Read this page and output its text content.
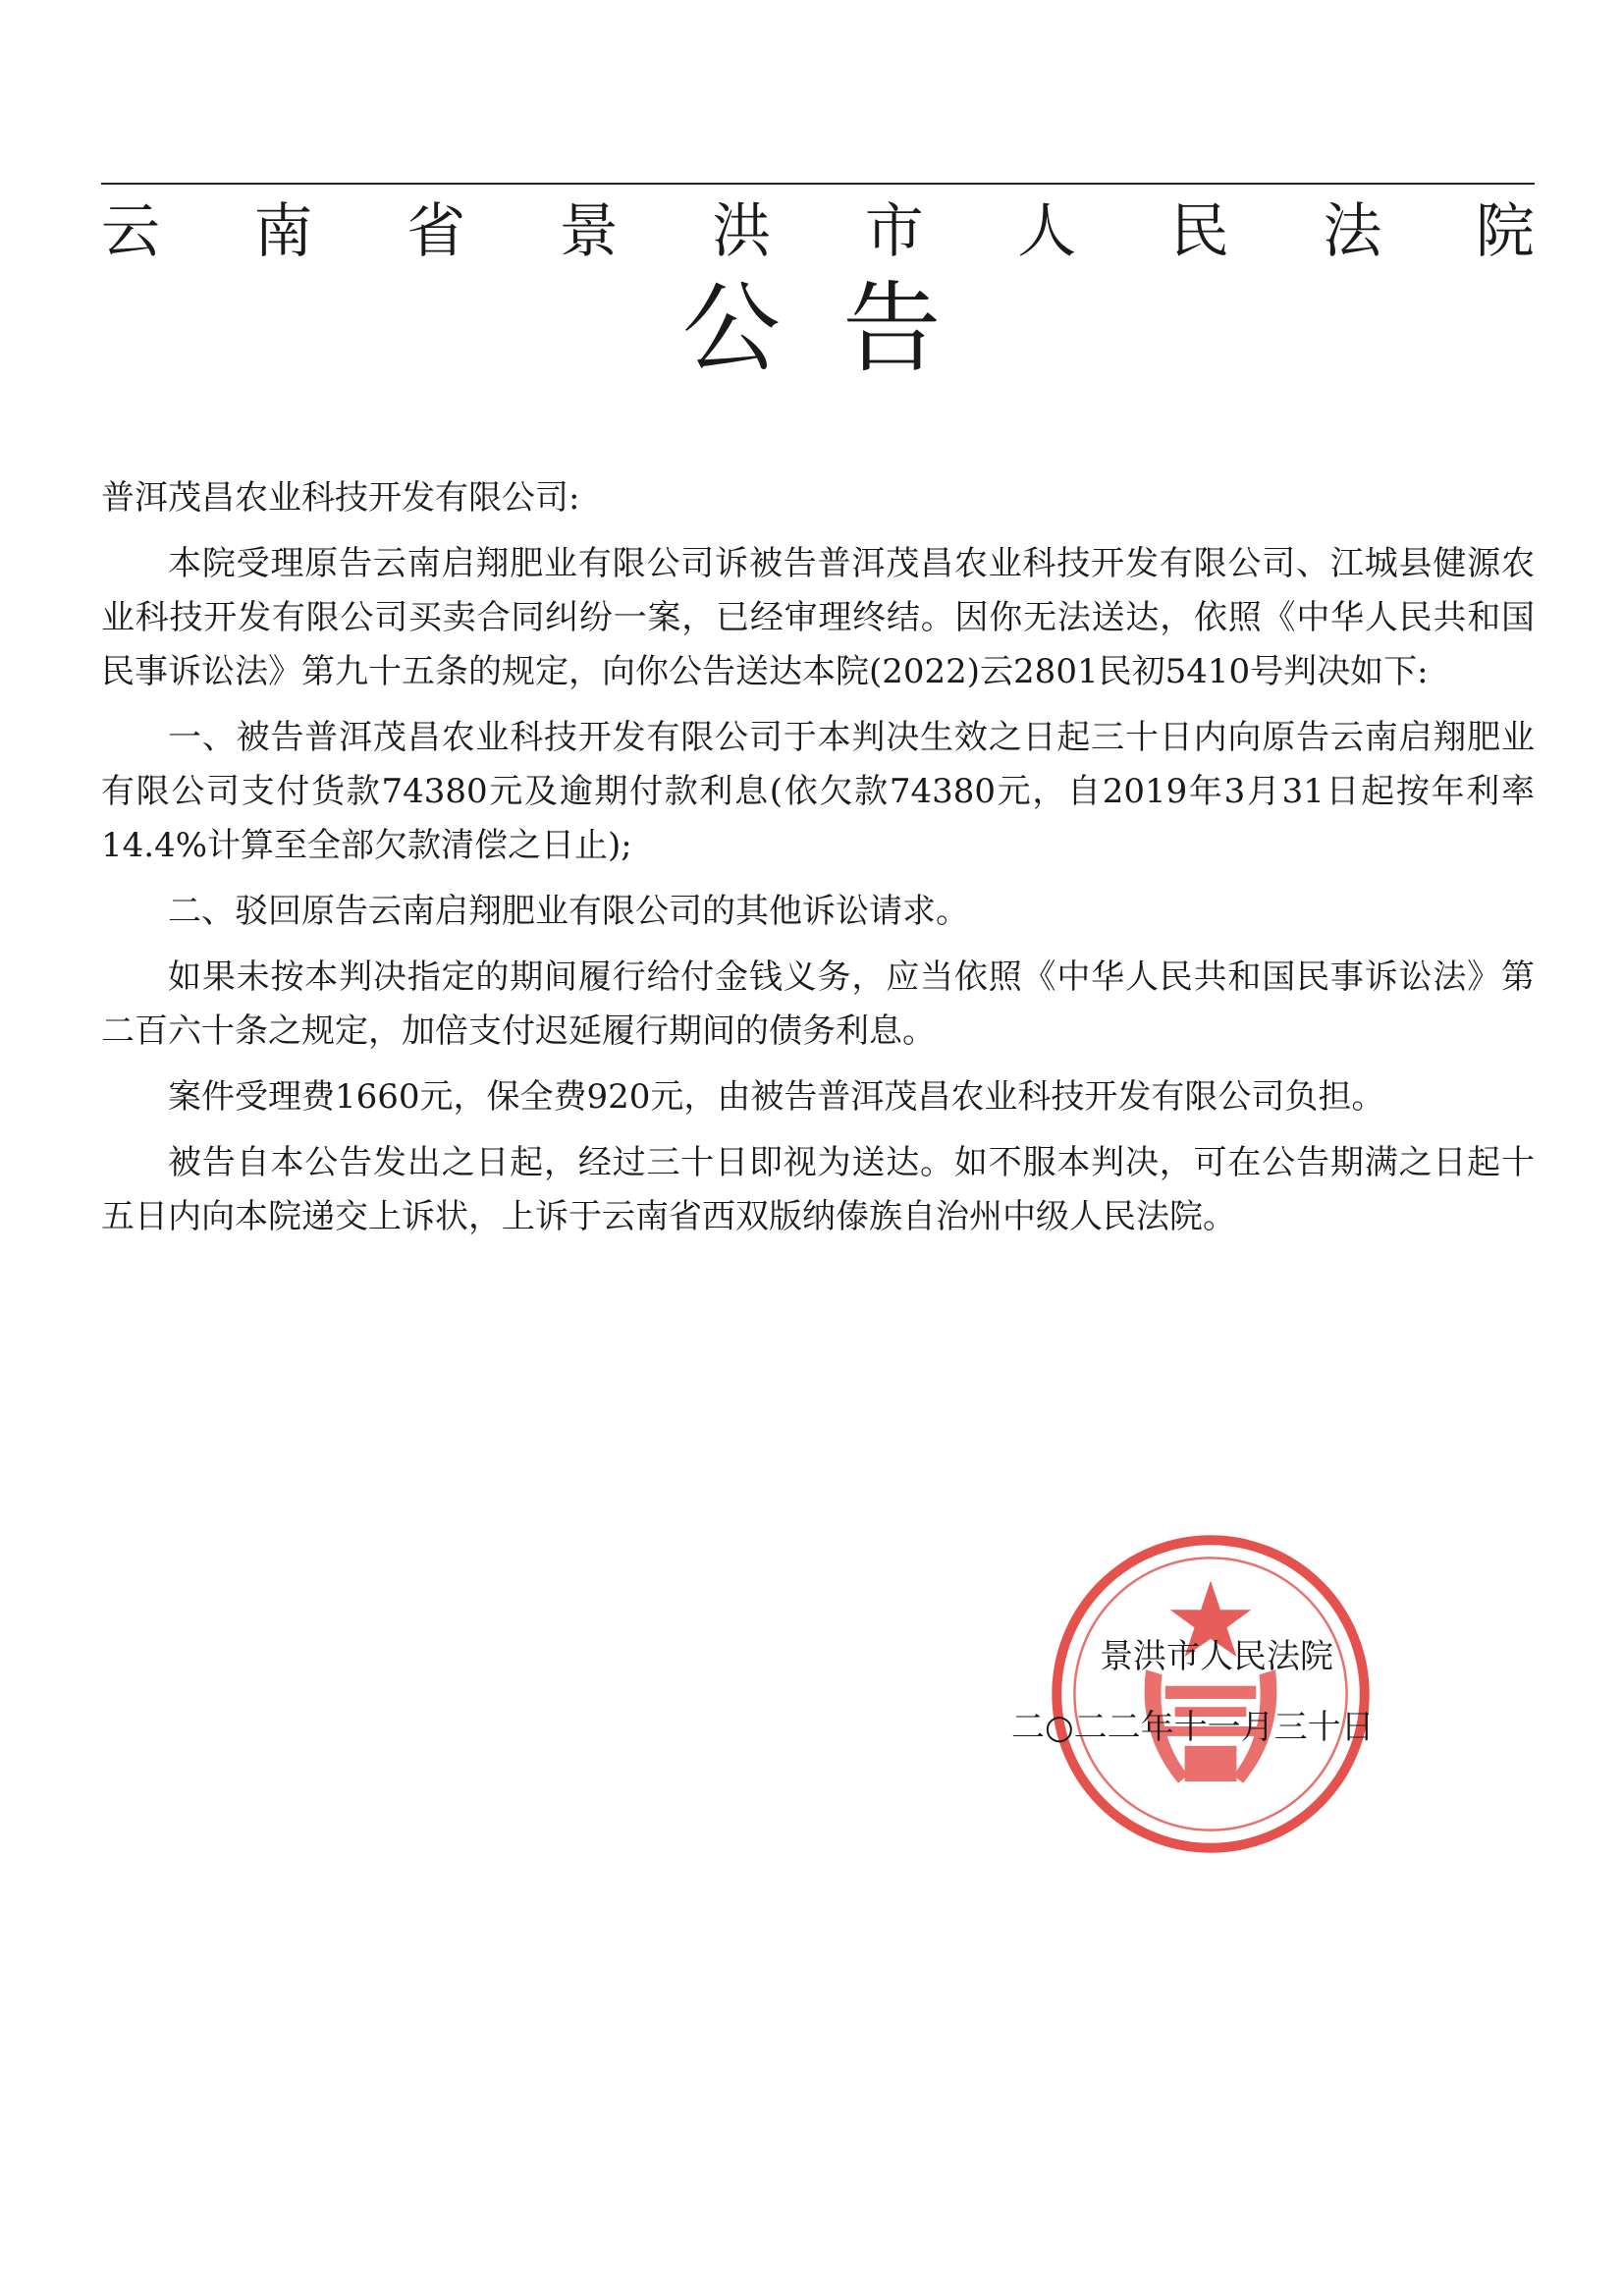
云 南 省 景 洪 市 人 民 法 院
公  告

普洱茂昌农业科技开发有限公司:

本院受理原告云南启翔肥业有限公司诉被告普洱茂昌农业科技开发有限公司、江城县健源农业科技开发有限公司买卖合同纠纷一案，已经审理终结。因你无法送达，依照《中华人民共和国民事诉讼法》第九十五条的规定，向你公告送达本院(2022)云2801民初5410号判决如下:

一、被告普洱茂昌农业科技开发有限公司于本判决生效之日起三十日内向原告云南启翔肥业有限公司支付货款74380元及逾期付款利息(依欠款74380元，自2019年3月31日起按年利率14.4%计算至全部欠款清偿之日止);

二、驳回原告云南启翔肥业有限公司的其他诉讼请求。

如果未按本判决指定的期间履行给付金钱义务，应当依照《中华人民共和国民事诉讼法》第二百六十条之规定，加倍支付迟延履行期间的债务利息。

案件受理费1660元，保全费920元，由被告普洱茂昌农业科技开发有限公司负担。

被告自本公告发出之日起，经过三十日即视为送达。如不服本判决，可在公告期满之日起十五日内向本院递交上诉状，上诉于云南省西双版纳傣族自治州中级人民法院。

景洪市人民法院
二○二二年十一月三十日
